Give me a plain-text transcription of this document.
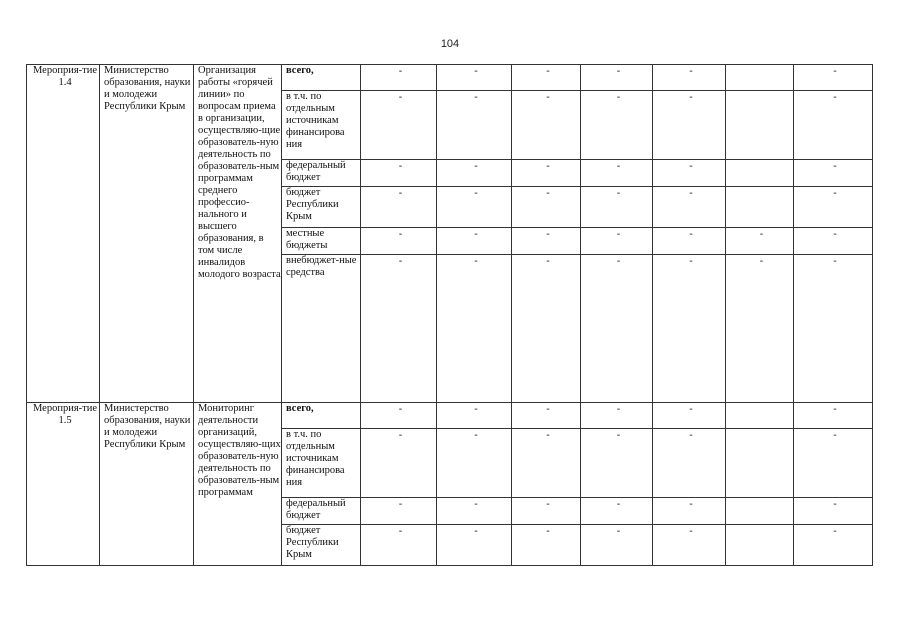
104
Мероприя-тие 1.4	Министерство образования, науки и молодежи Республики Крым	Организация работы «горячей линии» по вопросам приема в организации, осуществляю-щие образователь-ную деятельность по образователь-ным программам среднего профессио-нального и высшего образования, в том числе инвалидов молодого возраста	всего,	-	-	-	-	-		-
			в т.ч. по отдельным источникам финансирова ния	-	-	-	-	-		-
			федеральный бюджет	-	-	-	-	-		-
			бюджет Республики Крым	-	-	-	-	-		-
			местные бюджеты	-	-	-	-	-	-	-
			внебюджет-ные средства	-	-	-	-	-	-	-
Мероприя-тие 1.5	Министерство образования, науки и молодежи Республики Крым	Мониторинг деятельности организаций, осуществляю-щих образователь-ную деятельность по образователь-ным программам	всего,	-	-	-	-	-		-
			в т.ч. по отдельным источникам финансирова ния	-	-	-	-	-		-
			федеральный бюджет	-	-	-	-	-		-
			бюджет Республики Крым	-	-	-	-	-		-
